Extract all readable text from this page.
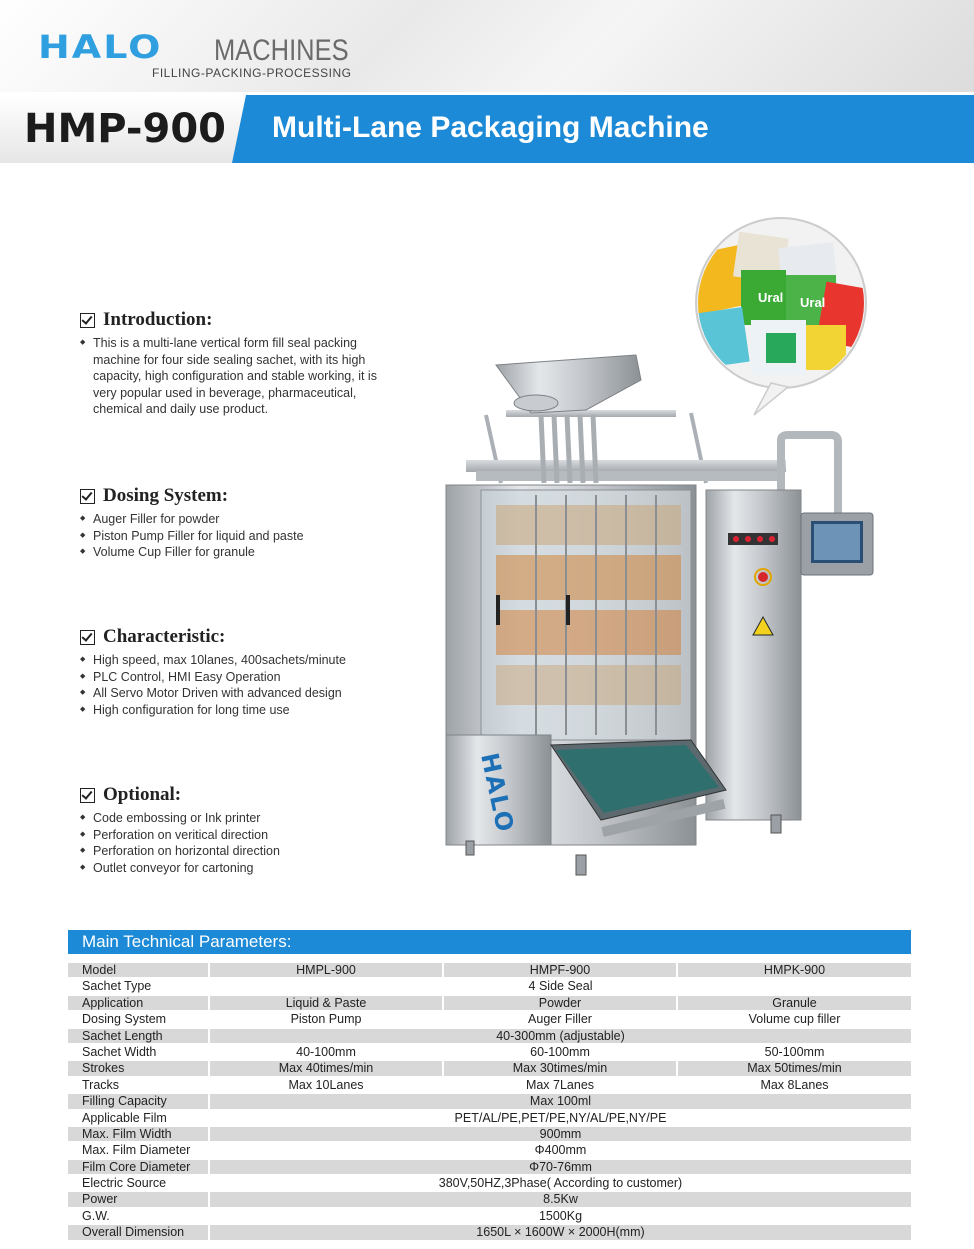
HALO MACHINES
FILLING-PACKING-PROCESSING
HMP-900 Multi-Lane Packaging Machine
Introduction:
◆ This is a multi-lane vertical form fill seal packing machine for four side sealing sachet, with its high capacity, high configuration and stable working, it is very popular used in beverage, pharmaceutical, chemical and daily use product.
Dosing System:
◆ Auger Filler for powder
◆ Piston Pump Filler for liquid and paste
◆ Volume Cup Filler for granule
Characteristic:
◆ High speed, max 10lanes, 400sachets/minute
◆ PLC Control, HMI Easy Operation
◆ All Servo Motor Driven with advanced design
◆ High configuration for long time use
Optional:
◆ Code embossing or Ink printer
◆ Perforation on veritical direction
◆ Perforation on horizontal direction
◆ Outlet conveyor for cartoning
Ural Ural
HALO
Main Technical Parameters:
Model	HMPL-900	HMPF-900	HMPK-900
Sachet Type	4 Side Seal
Application	Liquid & Paste	Powder	Granule
Dosing System	Piston Pump	Auger Filler	Volume cup filler
Sachet Length	40-300mm (adjustable)
Sachet Width	40-100mm	60-100mm	50-100mm
Strokes	Max 40times/min	Max 30times/min	Max 50times/min
Tracks	Max 10Lanes	Max 7Lanes	Max 8Lanes
Filling Capacity	Max 100ml
Applicable Film	PET/AL/PE,PET/PE,NY/AL/PE,NY/PE
Max. Film Width	900mm
Max. Film Diameter	Φ400mm
Film Core Diameter	Φ70-76mm
Electric Source	380V,50HZ,3Phase( According to customer)
Power	8.5Kw
G.W.	1500Kg
Overall Dimension	1650L × 1600W × 2000H(mm)
